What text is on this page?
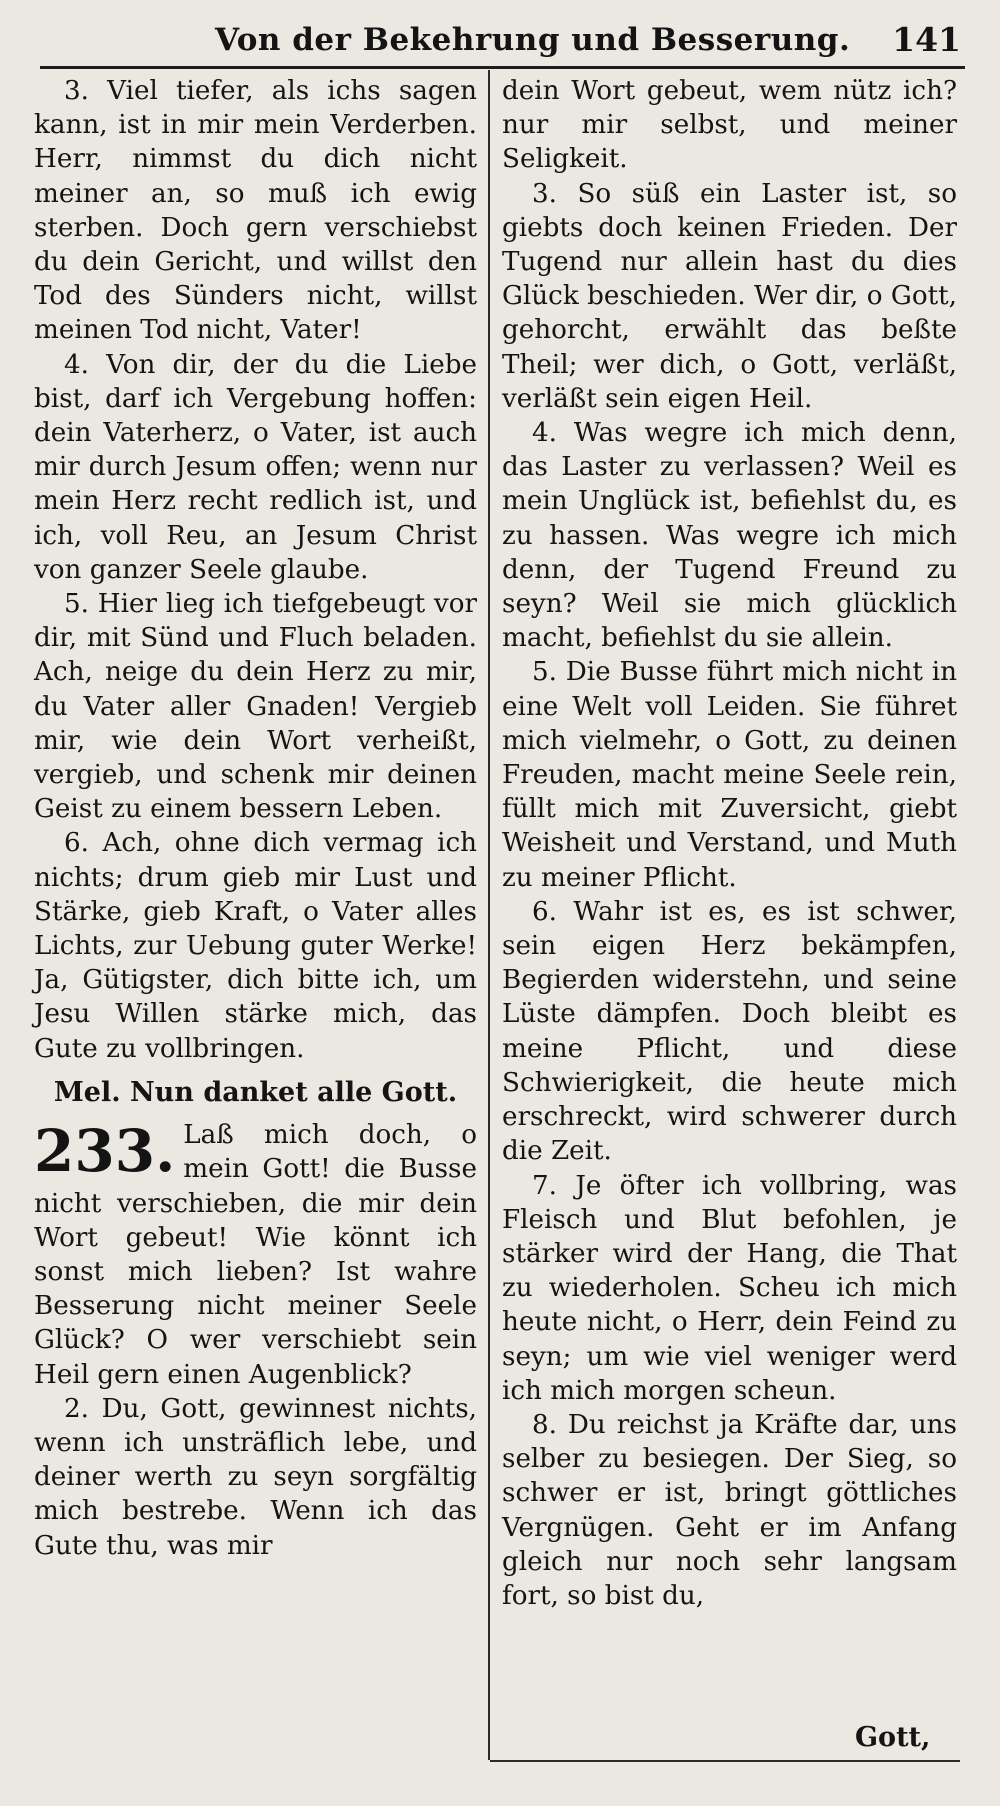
Von der Bekehrung und Besserung. 141

3. Viel tiefer, als ichs sagen kann, ist in mir mein Verderben. Herr, nimmst du dich nicht meiner an, so muß ich ewig sterben. Doch gern verschiebst du dein Gericht, und willst den Tod des Sünders nicht, willst meinen Tod nicht, Vater!

4. Von dir, der du die Liebe bist, darf ich Vergebung hoffen: dein Vaterherz, o Vater, ist auch mir durch Jesum offen; wenn nur mein Herz recht redlich ist, und ich, voll Reu, an Jesum Christ von ganzer Seele glaube.

5. Hier lieg ich tiefgebeugt vor dir, mit Sünd und Fluch beladen. Ach, neige du dein Herz zu mir, du Vater aller Gnaden! Vergieb mir, wie dein Wort verheißt, vergieb, und schenk mir deinen Geist zu einem bessern Leben.

6. Ach, ohne dich vermag ich nichts; drum gieb mir Lust und Stärke, gieb Kraft, o Vater alles Lichts, zur Uebung guter Werke! Ja, Gütigster, dich bitte ich, um Jesu Willen stärke mich, das Gute zu vollbringen.

Mel. Nun danket alle Gott.

233. Laß mich doch, o mein Gott! die Busse nicht verschieben, die mir dein Wort gebeut! Wie könnt ich sonst mich lieben? Ist wahre Besserung nicht meiner Seele Glück? O wer verschiebt sein Heil gern einen Augenblick?

2. Du, Gott, gewinnest nichts, wenn ich unsträflich lebe, und deiner werth zu seyn sorgfältig mich bestrebe. Wenn ich das Gute thu, was mir

dein Wort gebeut, wem nütz ich? nur mir selbst, und meiner Seligkeit.

3. So süß ein Laster ist, so giebts doch keinen Frieden. Der Tugend nur allein hast du dies Glück beschieden. Wer dir, o Gott, gehorcht, erwählt das beßte Theil; wer dich, o Gott, verläßt, verläßt sein eigen Heil.

4. Was wegre ich mich denn, das Laster zu verlassen? Weil es mein Unglück ist, befiehlst du, es zu hassen. Was wegre ich mich denn, der Tugend Freund zu seyn? Weil sie mich glücklich macht, befiehlst du sie allein.

5. Die Busse führt mich nicht in eine Welt voll Leiden. Sie führet mich vielmehr, o Gott, zu deinen Freuden, macht meine Seele rein, füllt mich mit Zuversicht, giebt Weisheit und Verstand, und Muth zu meiner Pflicht.

6. Wahr ist es, es ist schwer, sein eigen Herz bekämpfen, Begierden widerstehn, und seine Lüste dämpfen. Doch bleibt es meine Pflicht, und diese Schwierigkeit, die heute mich erschreckt, wird schwerer durch die Zeit.

7. Je öfter ich vollbring, was Fleisch und Blut befohlen, je stärker wird der Hang, die That zu wiederholen. Scheu ich mich heute nicht, o Herr, dein Feind zu seyn; um wie viel weniger werd ich mich morgen scheun.

8. Du reichst ja Kräfte dar, uns selber zu besiegen. Der Sieg, so schwer er ist, bringt göttliches Vergnügen. Geht er im Anfang gleich nur noch sehr langsam fort, so bist du,

Gott,
